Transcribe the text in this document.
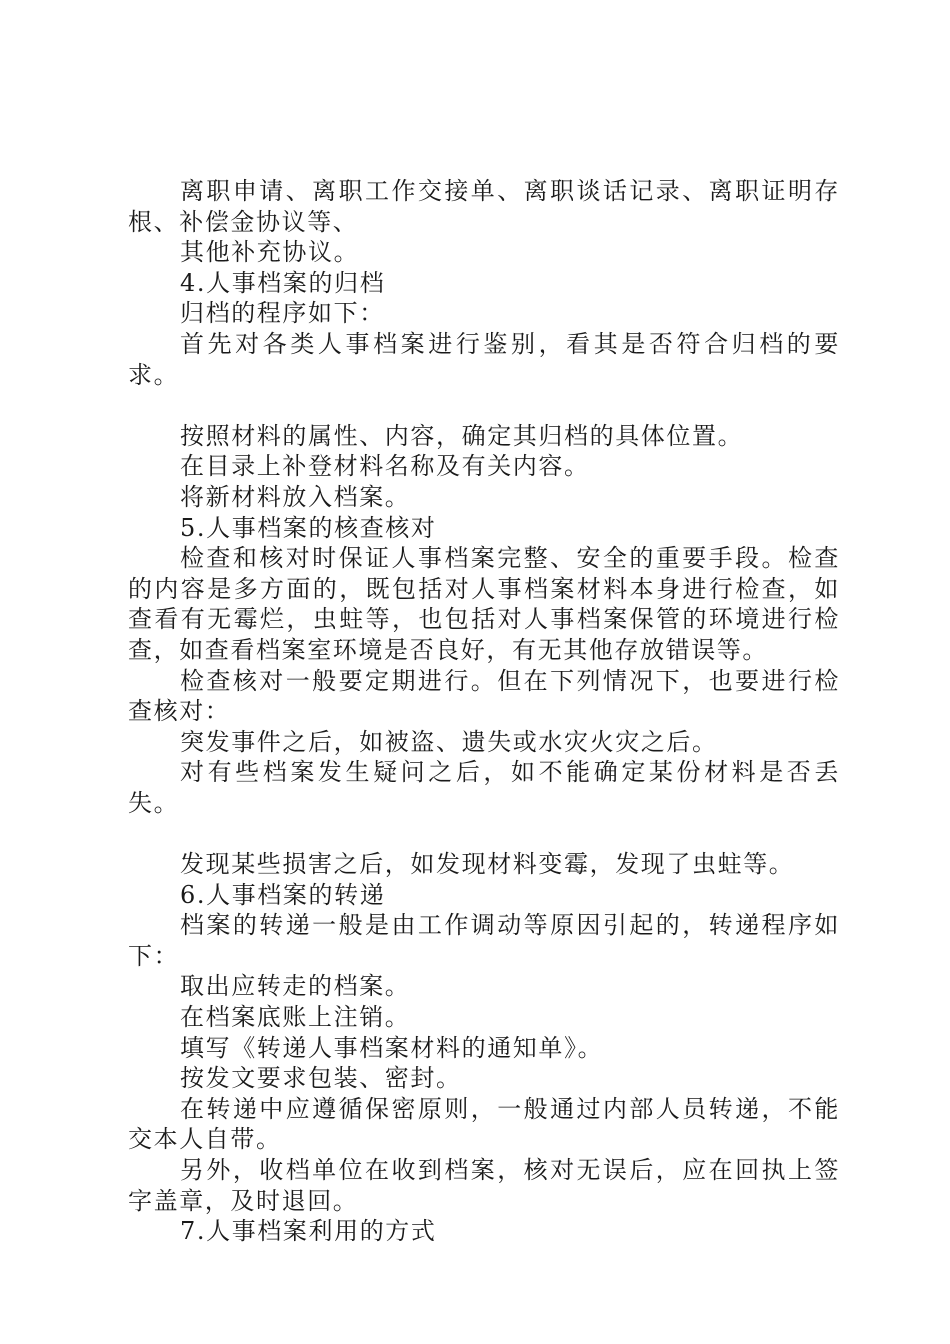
离职申请、离职工作交接单、离职谈话记录、离职证明存根、补偿金协议等、

其他补充协议。

4.人事档案的归档

归档的程序如下：

首先对各类人事档案进行鉴别，看其是否符合归档的要求。

按照材料的属性、内容，确定其归档的具体位置。

在目录上补登材料名称及有关内容。

将新材料放入档案。

5.人事档案的核查核对

检查和核对时保证人事档案完整、安全的重要手段。检查的内容是多方面的，既包括对人事档案材料本身进行检查，如查看有无霉烂，虫蛀等，也包括对人事档案保管的环境进行检查，如查看档案室环境是否良好，有无其他存放错误等。

检查核对一般要定期进行。但在下列情况下，也要进行检查核对：

突发事件之后，如被盗、遗失或水灾火灾之后。

对有些档案发生疑问之后，如不能确定某份材料是否丢失。

发现某些损害之后，如发现材料变霉，发现了虫蛀等。

6.人事档案的转递

档案的转递一般是由工作调动等原因引起的，转递程序如下：

取出应转走的档案。

在档案底账上注销。

填写《转递人事档案材料的通知单》。

按发文要求包装、密封。

在转递中应遵循保密原则，一般通过内部人员转递，不能交本人自带。

另外，收档单位在收到档案，核对无误后，应在回执上签字盖章，及时退回。

7.人事档案利用的方式
